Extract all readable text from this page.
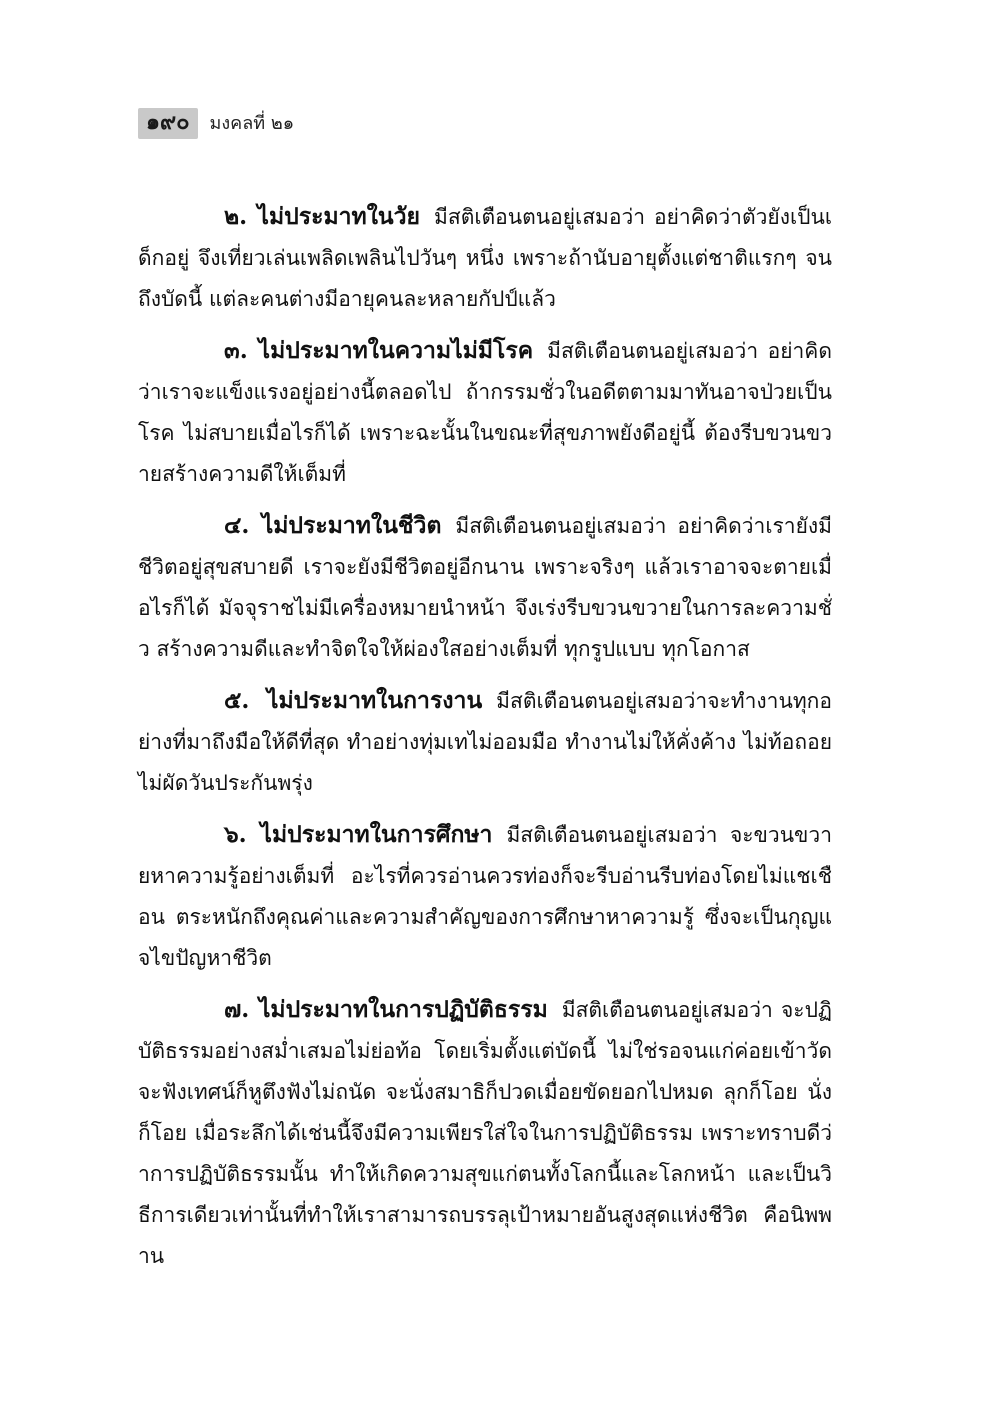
๑๙๐	มงคลที่ ๒๑

๒. ไม่ประมาทในวัย มีสติเตือนตนอยู่เสมอว่า อย่าคิดว่าตัวยังเป็นเด็กอยู่ จึงเที่ยวเล่นเพลิดเพลินไปวันๆ หนึ่ง เพราะถ้านับอายุตั้งแต่ชาติแรกๆ จนถึงบัดนี้ แต่ละคนต่างมีอายุคนละหลายกัปป์แล้ว

๓. ไม่ประมาทในความไม่มีโรค มีสติเตือนตนอยู่เสมอว่า อย่าคิดว่าเราจะแข็งแรงอยู่อย่างนี้ตลอดไป ถ้ากรรมชั่วในอดีตตามมาทันอาจป่วยเป็นโรค ไม่สบายเมื่อไรก็ได้ เพราะฉะนั้นในขณะที่สุขภาพยังดีอยู่นี้ ต้องรีบขวนขวายสร้างความดีให้เต็มที่

๔. ไม่ประมาทในชีวิต มีสติเตือนตนอยู่เสมอว่า อย่าคิดว่าเรายังมีชีวิตอยู่สุขสบายดี เราจะยังมีชีวิตอยู่อีกนาน เพราะจริงๆ แล้วเราอาจจะตายเมื่อไรก็ได้ มัจจุราชไม่มีเครื่องหมายนำหน้า จึงเร่งรีบขวนขวายในการละความชั่ว สร้างความดีและทำจิตใจให้ผ่องใสอย่างเต็มที่ ทุกรูปแบบ ทุกโอกาส

๕. ไม่ประมาทในการงาน มีสติเตือนตนอยู่เสมอว่าจะทำงานทุกอย่างที่มาถึงมือให้ดีที่สุด ทำอย่างทุ่มเทไม่ออมมือ ทำงานไม่ให้คั่งค้าง ไม่ท้อถอย ไม่ผัดวันประกันพรุ่ง

๖. ไม่ประมาทในการศึกษา มีสติเตือนตนอยู่เสมอว่า จะขวนขวายหาความรู้อย่างเต็มที่ อะไรที่ควรอ่านควรท่องก็จะรีบอ่านรีบท่องโดยไม่แชเชือน ตระหนักถึงคุณค่าและความสำคัญของการศึกษาหาความรู้ ซึ่งจะเป็นกุญแจไขปัญหาชีวิต

๗. ไม่ประมาทในการปฏิบัติธรรม มีสติเตือนตนอยู่เสมอว่า จะปฏิบัติธรรมอย่างสม่ำเสมอไม่ย่อท้อ โดยเริ่มตั้งแต่บัดนี้ ไม่ใช่รอจนแก่ค่อยเข้าวัด จะฟังเทศน์ก็หูตึงฟังไม่ถนัด จะนั่งสมาธิก็ปวดเมื่อยขัดยอกไปหมด ลุกก็โอย นั่งก็โอย เมื่อระลึกได้เช่นนี้จึงมีความเพียรใส่ใจในการปฏิบัติธรรม เพราะทราบดีว่าการปฏิบัติธรรมนั้น ทำให้เกิดความสุขแก่ตนทั้งโลกนี้และโลกหน้า และเป็นวิธีการเดียวเท่านั้นที่ทำให้เราสามารถบรรลุเป้าหมายอันสูงสุดแห่งชีวิต คือนิพพาน
